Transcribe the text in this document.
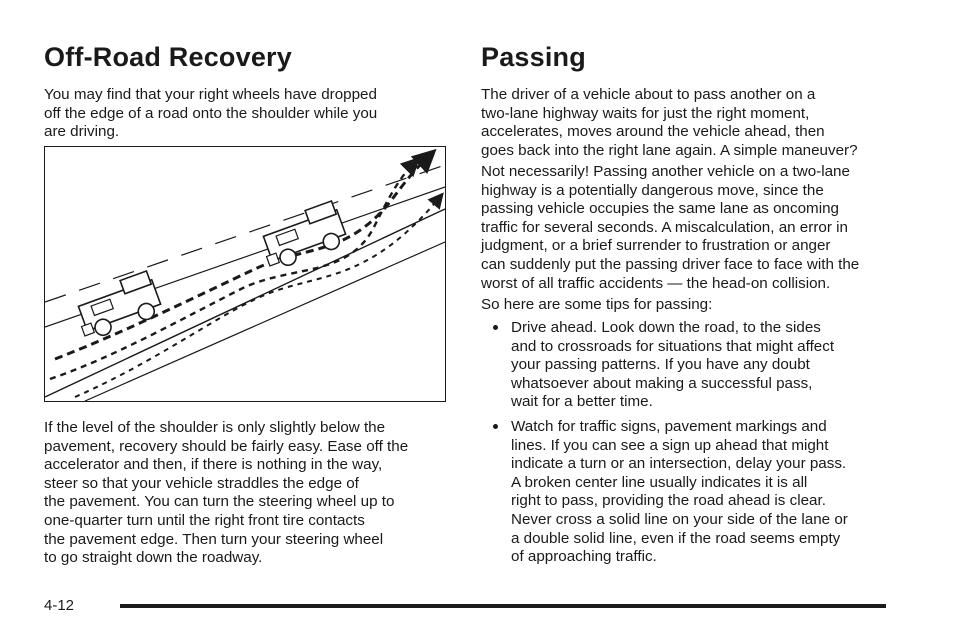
Off-Road Recovery

You may find that your right wheels have dropped
off the edge of a road onto the shoulder while you
are driving.

If the level of the shoulder is only slightly below the
pavement, recovery should be fairly easy. Ease off the
accelerator and then, if there is nothing in the way,
steer so that your vehicle straddles the edge of
the pavement. You can turn the steering wheel up to
one-quarter turn until the right front tire contacts
the pavement edge. Then turn your steering wheel
to go straight down the roadway.

Passing

The driver of a vehicle about to pass another on a
two-lane highway waits for just the right moment,
accelerates, moves around the vehicle ahead, then
goes back into the right lane again. A simple maneuver?

Not necessarily! Passing another vehicle on a two-lane
highway is a potentially dangerous move, since the
passing vehicle occupies the same lane as oncoming
traffic for several seconds. A miscalculation, an error in
judgment, or a brief surrender to frustration or anger
can suddenly put the passing driver face to face with the
worst of all traffic accidents — the head-on collision.

So here are some tips for passing:

Drive ahead. Look down the road, to the sides
and to crossroads for situations that might affect
your passing patterns. If you have any doubt
whatsoever about making a successful pass,
wait for a better time.

Watch for traffic signs, pavement markings and
lines. If you can see a sign up ahead that might
indicate a turn or an intersection, delay your pass.
A broken center line usually indicates it is all
right to pass, providing the road ahead is clear.
Never cross a solid line on your side of the lane or
a double solid line, even if the road seems empty
of approaching traffic.

4-12
